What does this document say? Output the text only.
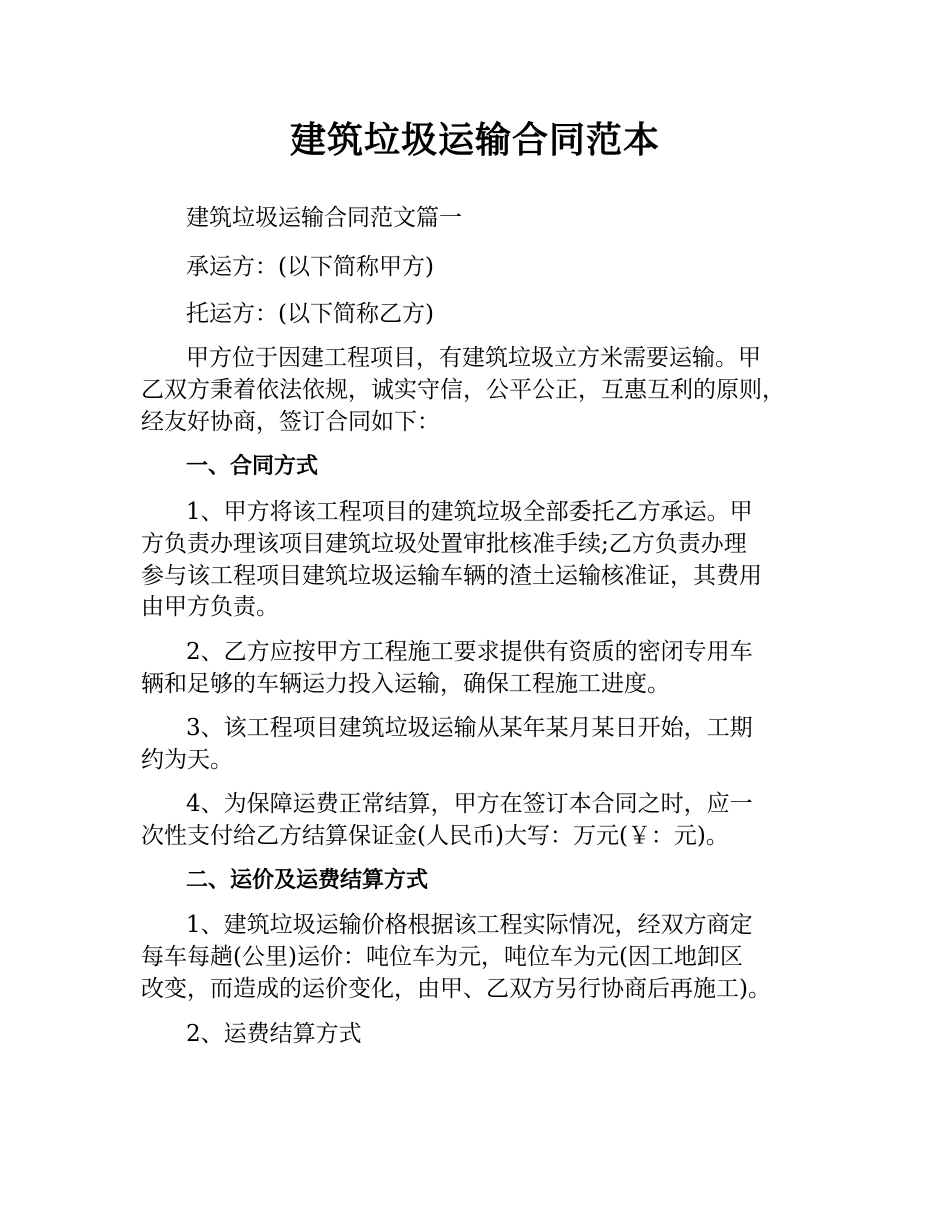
建筑垃圾运输合同范本
建筑垃圾运输合同范文篇一
承运方：(以下简称甲方)
托运方：(以下简称乙方)
甲方位于因建工程项目，有建筑垃圾立方米需要运输。甲
乙双方秉着依法依规，诚实守信，公平公正，互惠互利的原则，
经友好协商，签订合同如下：
一、合同方式
1、甲方将该工程项目的建筑垃圾全部委托乙方承运。甲
方负责办理该项目建筑垃圾处置审批核准手续;乙方负责办理
参与该工程项目建筑垃圾运输车辆的渣土运输核准证，其费用
由甲方负责。
2、乙方应按甲方工程施工要求提供有资质的密闭专用车
辆和足够的车辆运力投入运输，确保工程施工进度。
3、该工程项目建筑垃圾运输从某年某月某日开始，工期
约为天。
4、为保障运费正常结算，甲方在签订本合同之时，应一
次性支付给乙方结算保证金(人民币)大写：万元(￥：元)。
二、运价及运费结算方式
1、建筑垃圾运输价格根据该工程实际情况，经双方商定
每车每趟(公里)运价：吨位车为元，吨位车为元(因工地卸区
改变，而造成的运价变化，由甲、乙双方另行协商后再施工)。
2、运费结算方式
